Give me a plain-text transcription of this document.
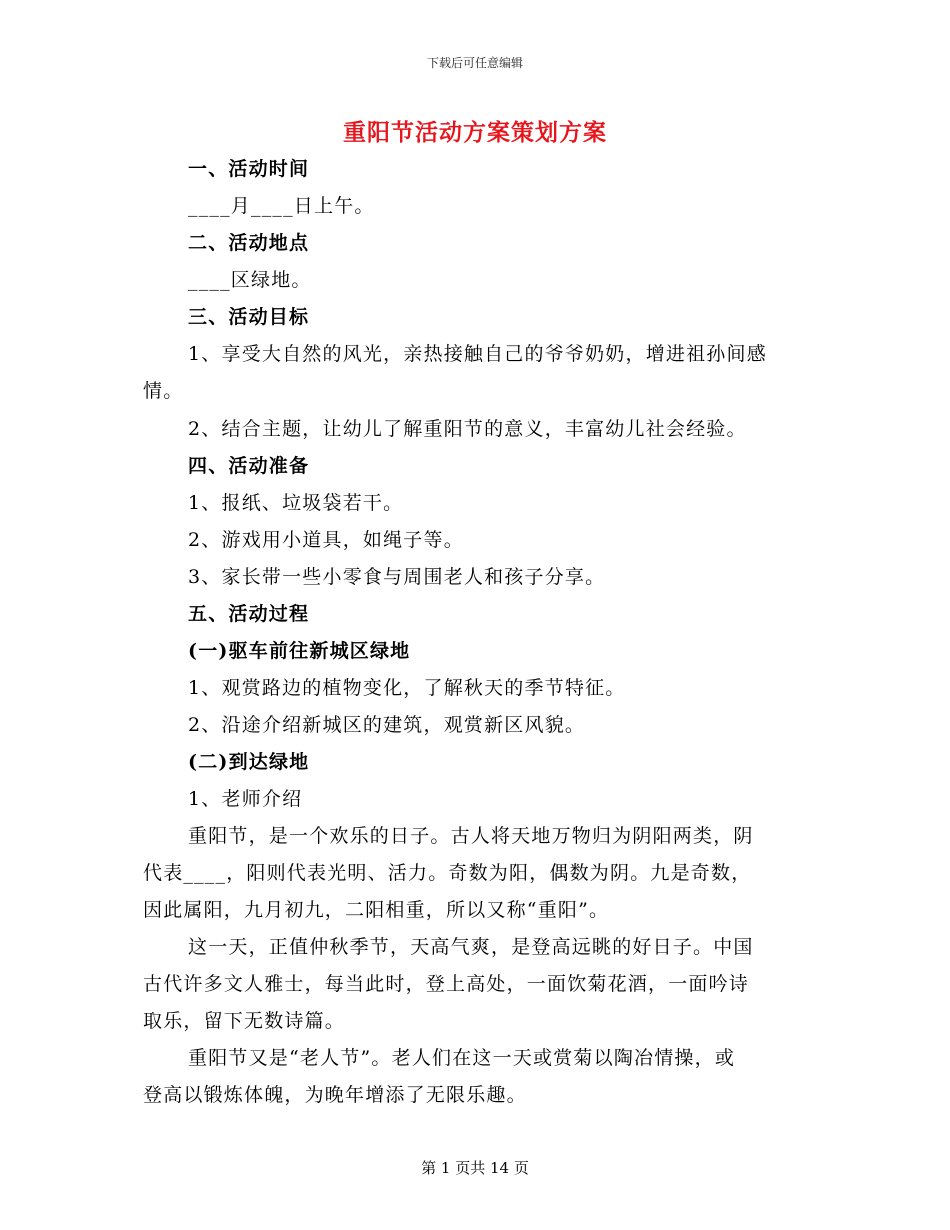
下载后可任意编辑
重阳节活动方案策划方案
一、活动时间
____月____日上午。
二、活动地点
____区绿地。
三、活动目标
1、享受大自然的风光，亲热接触自己的爷爷奶奶，增进祖孙间感
情。
2、结合主题，让幼儿了解重阳节的意义，丰富幼儿社会经验。
四、活动准备
1、报纸、垃圾袋若干。
2、游戏用小道具，如绳子等。
3、家长带一些小零食与周围老人和孩子分享。
五、活动过程
(一)驱车前往新城区绿地
1、观赏路边的植物变化，了解秋天的季节特征。
2、沿途介绍新城区的建筑，观赏新区风貌。
(二)到达绿地
1、老师介绍
重阳节，是一个欢乐的日子。古人将天地万物归为阴阳两类，阴
代表____，阳则代表光明、活力。奇数为阳，偶数为阴。九是奇数，
因此属阳，九月初九，二阳相重，所以又称“重阳”。
这一天，正值仲秋季节，天高气爽，是登高远眺的好日子。中国
古代许多文人雅士，每当此时，登上高处，一面饮菊花酒，一面吟诗
取乐，留下无数诗篇。
重阳节又是“老人节”。老人们在这一天或赏菊以陶冶情操，或
登高以锻炼体魄，为晚年增添了无限乐趣。
第 1 页共 14 页
